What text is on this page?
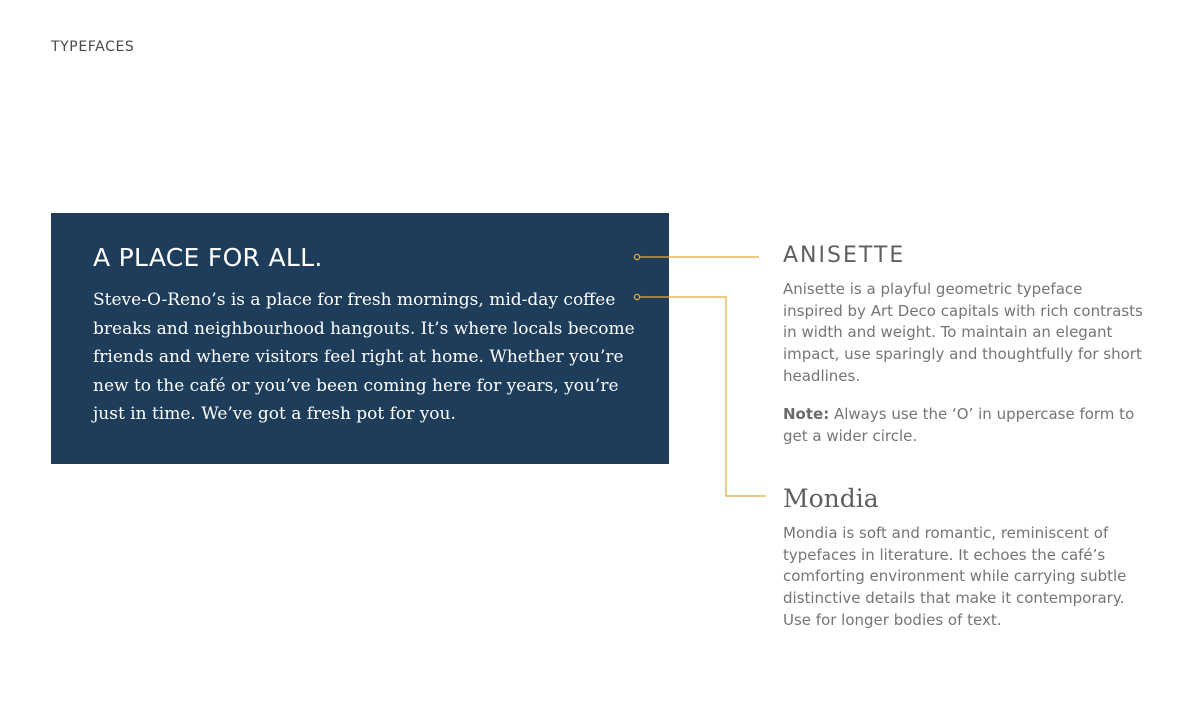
TYPEFACES
A PLACE FOR ALL.
Steve-O-Reno’s is a place for fresh mornings, mid-day coffee breaks and neighbourhood hangouts. It’s where locals become friends and where visitors feel right at home. Whether you’re new to the café or you’ve been coming here for years, you’re just in time. We’ve got a fresh pot for you.
ANISETTE
Anisette is a playful geometric typeface inspired by Art Deco capitals with rich contrasts in width and weight. To maintain an elegant impact, use sparingly and thoughtfully for short headlines.
Note: Always use the ‘O’ in uppercase form to get a wider circle.
Mondia
Mondia is soft and romantic, reminiscent of typefaces in literature. It echoes the café’s comforting environment while carrying subtle distinctive details that make it contemporary. Use for longer bodies of text.
